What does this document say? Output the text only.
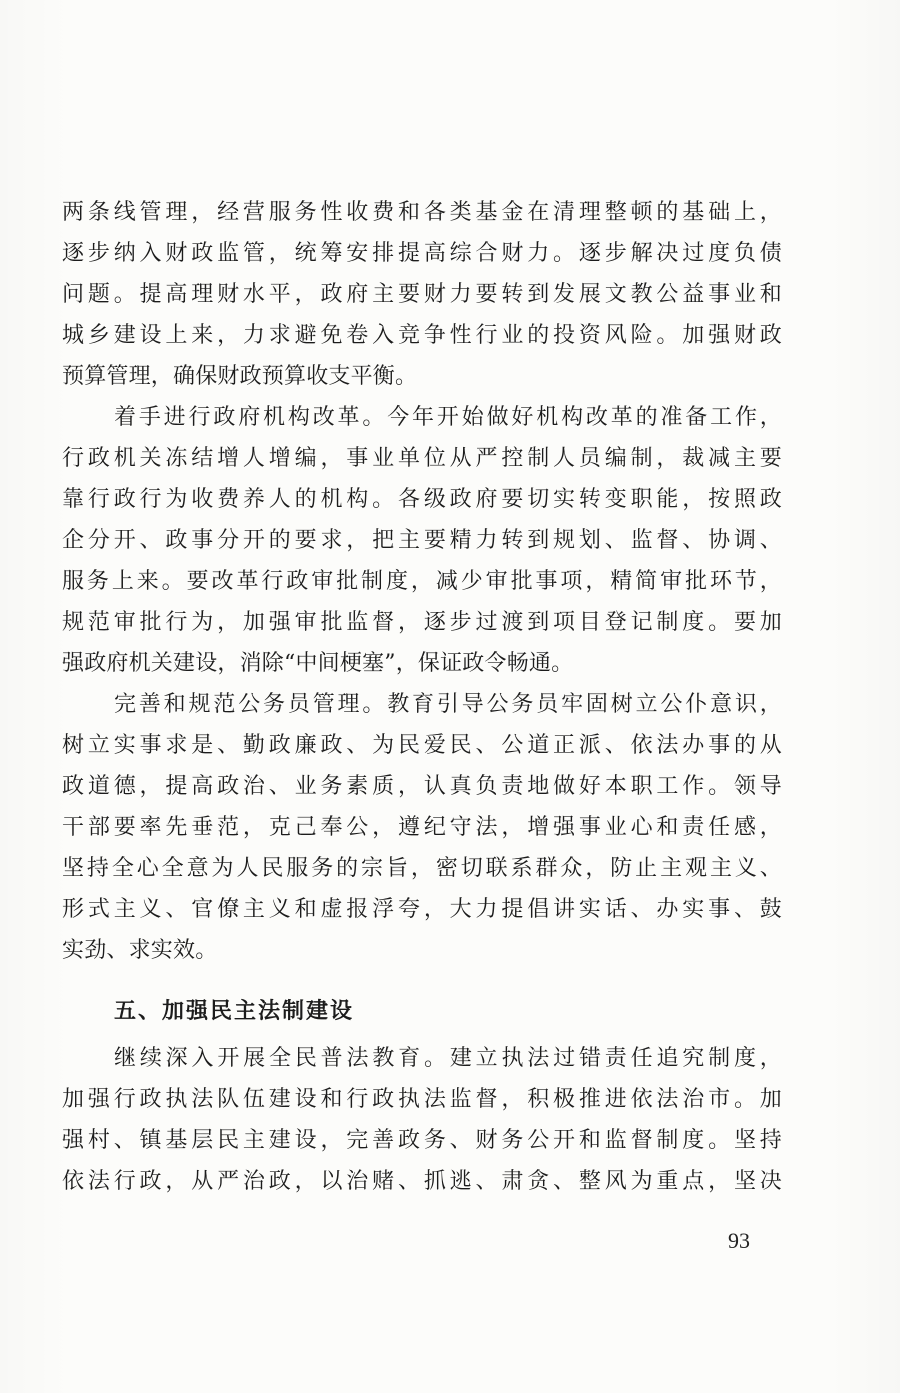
两条线管理，经营服务性收费和各类基金在清理整顿的基础上，
逐步纳入财政监管，统筹安排提高综合财力。逐步解决过度负债
问题。提高理财水平，政府主要财力要转到发展文教公益事业和
城乡建设上来，力求避免卷入竞争性行业的投资风险。加强财政
预算管理，确保财政预算收支平衡。
着手进行政府机构改革。今年开始做好机构改革的准备工作，
行政机关冻结增人增编，事业单位从严控制人员编制，裁减主要
靠行政行为收费养人的机构。各级政府要切实转变职能，按照政
企分开、政事分开的要求，把主要精力转到规划、监督、协调、
服务上来。要改革行政审批制度，减少审批事项，精简审批环节，
规范审批行为，加强审批监督，逐步过渡到项目登记制度。要加
强政府机关建设，消除“中间梗塞”，保证政令畅通。
完善和规范公务员管理。教育引导公务员牢固树立公仆意识，
树立实事求是、勤政廉政、为民爱民、公道正派、依法办事的从
政道德，提高政治、业务素质，认真负责地做好本职工作。领导
干部要率先垂范，克己奉公，遵纪守法，增强事业心和责任感，
坚持全心全意为人民服务的宗旨，密切联系群众，防止主观主义、
形式主义、官僚主义和虚报浮夸，大力提倡讲实话、办实事、鼓
实劲、求实效。
五、加强民主法制建设
继续深入开展全民普法教育。建立执法过错责任追究制度，
加强行政执法队伍建设和行政执法监督，积极推进依法治市。加
强村、镇基层民主建设，完善政务、财务公开和监督制度。坚持
依法行政，从严治政，以治赌、抓逃、肃贪、整风为重点，坚决
93
